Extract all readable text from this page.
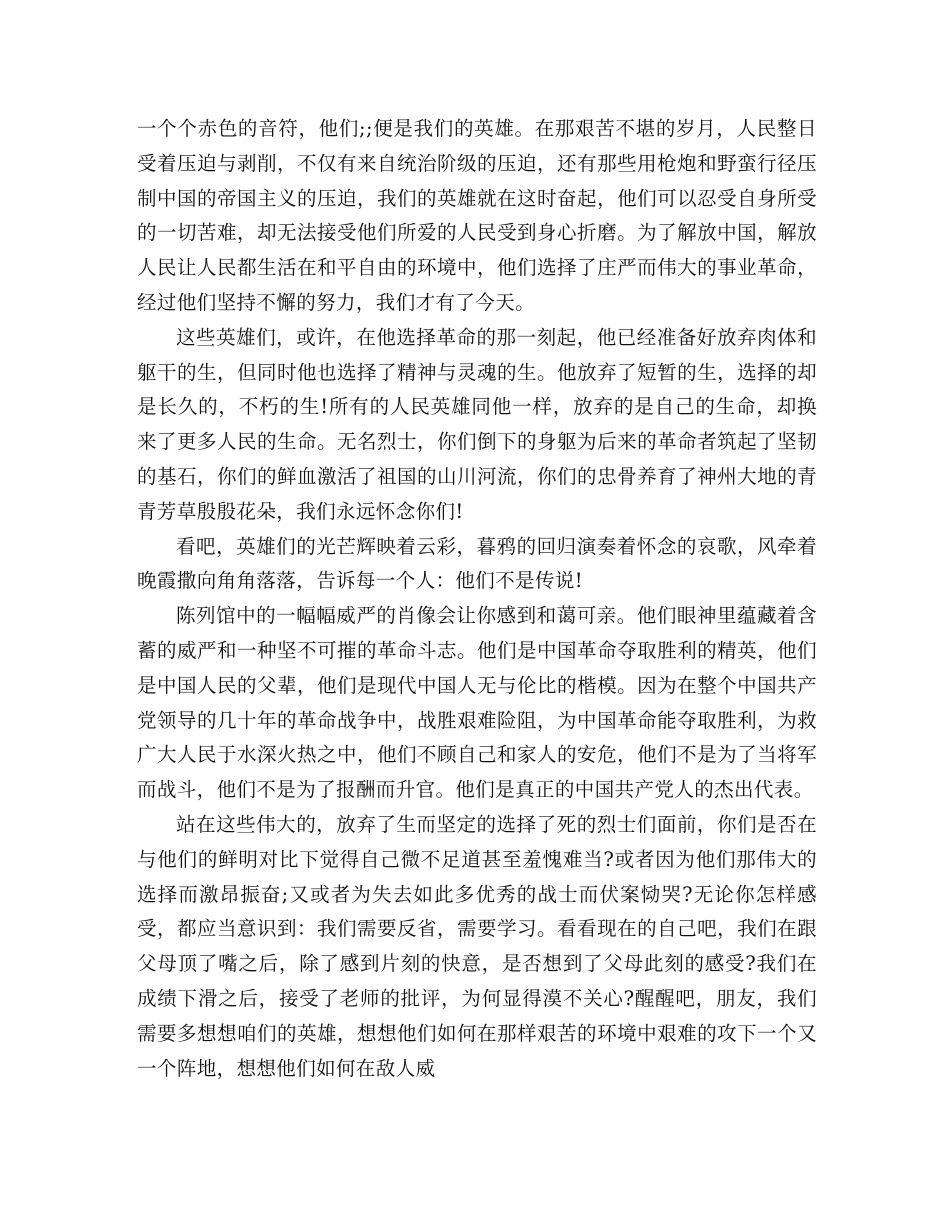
一个个赤色的音符，他们;;便是我们的英雄。在那艰苦不堪的岁月，人民整日受着压迫与剥削，不仅有来自统治阶级的压迫，还有那些用枪炮和野蛮行径压制中国的帝国主义的压迫，我们的英雄就在这时奋起，他们可以忍受自身所受的一切苦难，却无法接受他们所爱的人民受到身心折磨。为了解放中国，解放人民让人民都生活在和平自由的环境中，他们选择了庄严而伟大的事业革命，经过他们坚持不懈的努力，我们才有了今天。

这些英雄们，或许，在他选择革命的那一刻起，他已经准备好放弃肉体和躯干的生，但同时他也选择了精神与灵魂的生。他放弃了短暂的生，选择的却是长久的，不朽的生!所有的人民英雄同他一样，放弃的是自己的生命，却换来了更多人民的生命。无名烈士，你们倒下的身躯为后来的革命者筑起了坚韧的基石，你们的鲜血激活了祖国的山川河流，你们的忠骨养育了神州大地的青青芳草殷殷花朵，我们永远怀念你们!

看吧，英雄们的光芒辉映着云彩，暮鸦的回归演奏着怀念的哀歌，风牵着晚霞撒向角角落落，告诉每一个人：他们不是传说!

陈列馆中的一幅幅威严的肖像会让你感到和蔼可亲。他们眼神里蕴藏着含蓄的威严和一种坚不可摧的革命斗志。他们是中国革命夺取胜利的精英，他们是中国人民的父辈，他们是现代中国人无与伦比的楷模。因为在整个中国共产党领导的几十年的革命战争中，战胜艰难险阻，为中国革命能夺取胜利，为救广大人民于水深火热之中，他们不顾自己和家人的安危，他们不是为了当将军而战斗，他们不是为了报酬而升官。他们是真正的中国共产党人的杰出代表。

站在这些伟大的，放弃了生而坚定的选择了死的烈士们面前，你们是否在与他们的鲜明对比下觉得自己微不足道甚至羞愧难当?或者因为他们那伟大的选择而激昂振奋;又或者为失去如此多优秀的战士而伏案恸哭?无论你怎样感受，都应当意识到：我们需要反省，需要学习。看看现在的自己吧，我们在跟父母顶了嘴之后，除了感到片刻的快意，是否想到了父母此刻的感受?我们在成绩下滑之后，接受了老师的批评，为何显得漠不关心?醒醒吧，朋友，我们需要多想想咱们的英雄，想想他们如何在那样艰苦的环境中艰难的攻下一个又一个阵地，想想他们如何在敌人威
